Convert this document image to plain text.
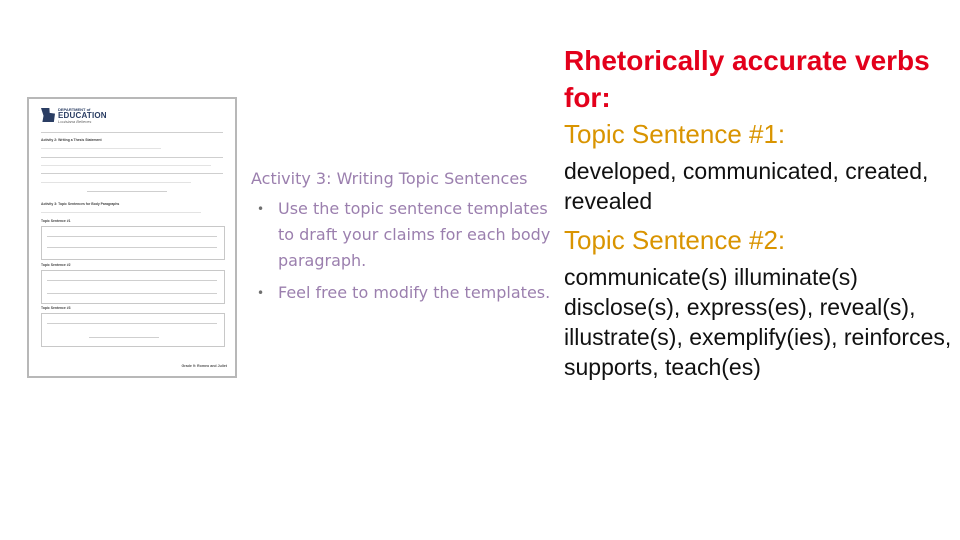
DEPARTMENT of
EDUCATION
Louisiana Believes
Activity 2: Writing a Thesis Statement
Activity 3: Topic Sentences for Body Paragraphs
Topic Sentence #1
Topic Sentence #2
Topic Sentence #3
Grade 9: Romeo and Juliet
Activity 3: Writing Topic Sentences
• Use the topic sentence templates to draft your claims for each body paragraph.
• Feel free to modify the templates.
Rhetorically accurate verbs for:
Topic Sentence #1:
developed, communicated, created, revealed
Topic Sentence #2:
communicate(s) illuminate(s) disclose(s), express(es), reveal(s), illustrate(s), exemplify(ies), reinforces, supports, teach(es)
